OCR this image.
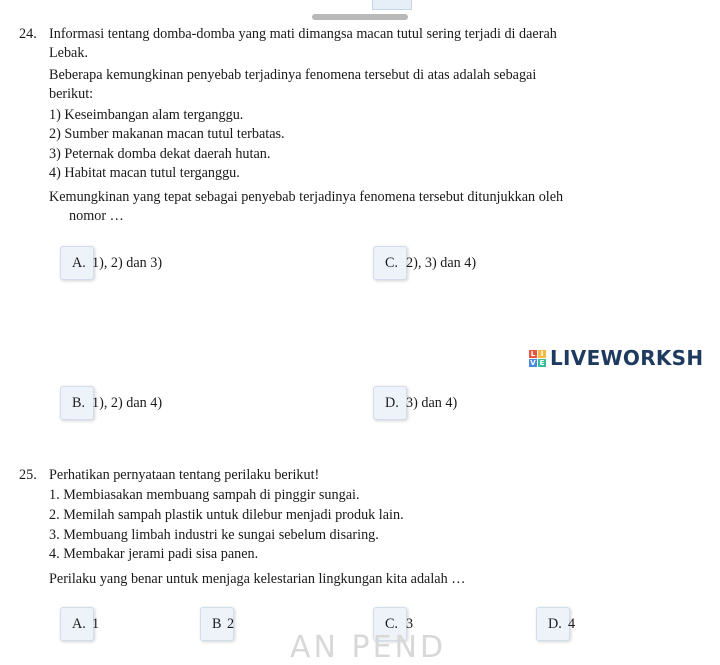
24. Informasi tentang domba-domba yang mati dimangsa macan tutul sering terjadi di daerah
Lebak.
Beberapa kemungkinan penyebab terjadinya fenomena tersebut di atas adalah sebagai
berikut:
1) Keseimbangan alam terganggu.
2) Sumber makanan macan tutul terbatas.
3) Peternak domba dekat daerah hutan.
4) Habitat macan tutul terganggu.
Kemungkinan yang tepat sebagai penyebab terjadinya fenomena tersebut ditunjukkan oleh
nomor …
A. 1), 2) dan 3)	C. 2), 3) dan 4)
L I
V E LIVEWORKSH
B. 1), 2) dan 4)	D. 3) dan 4)
25. Perhatikan pernyataan tentang perilaku berikut!
1. Membiasakan membuang sampah di pinggir sungai.
2. Memilah sampah plastik untuk dilebur menjadi produk lain.
3. Membuang limbah industri ke sungai sebelum disaring.
4. Membakar jerami padi sisa panen.
Perilaku yang benar untuk menjaga kelestarian lingkungan kita adalah …
A. 1	B 2	C. 3	D. 4
AN PEND
